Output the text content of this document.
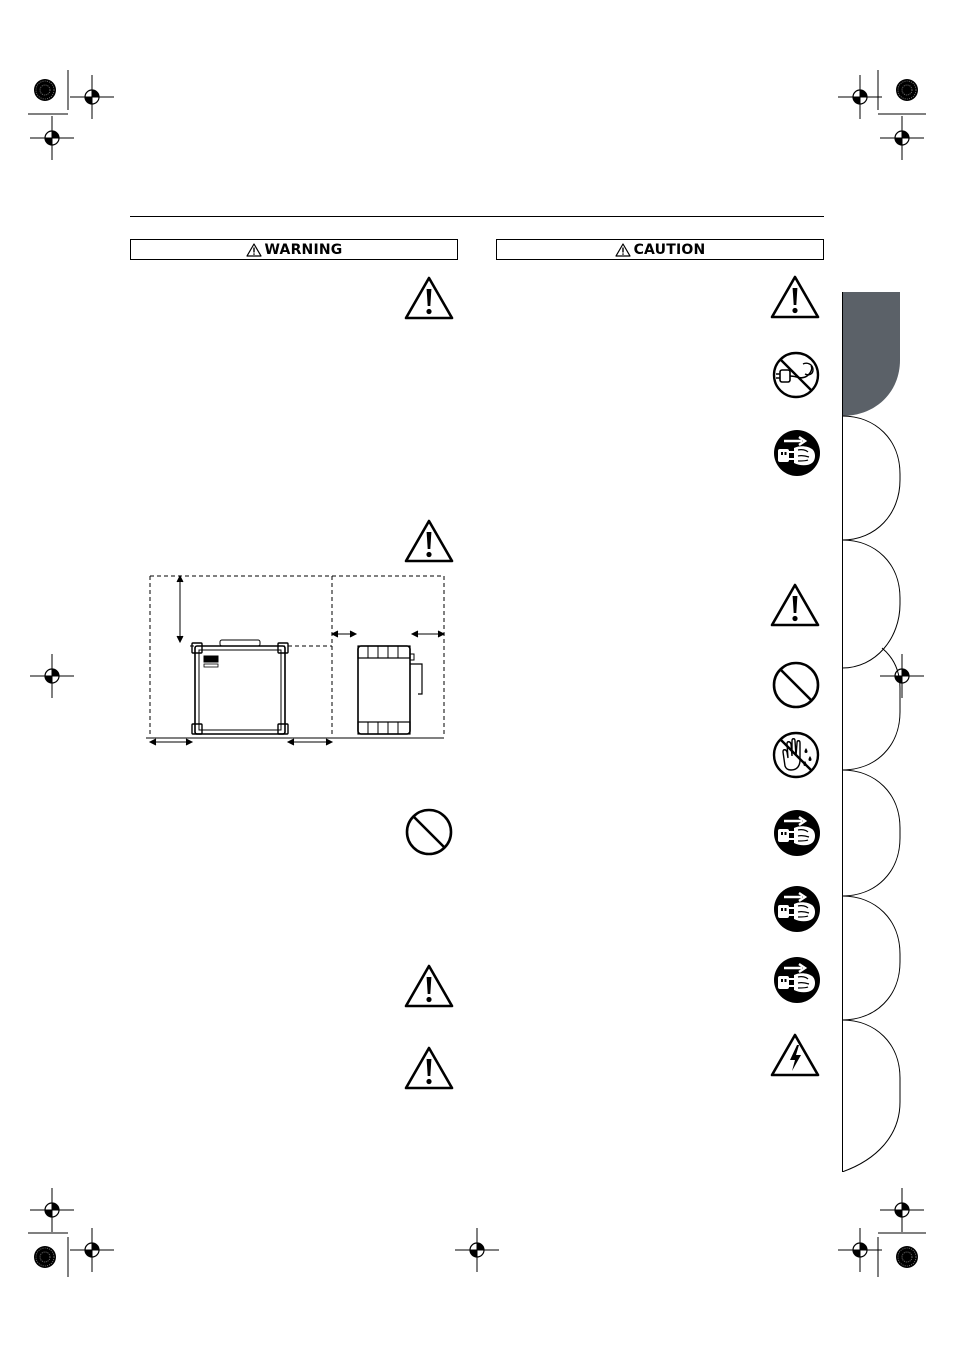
WARNING	CAUTION
